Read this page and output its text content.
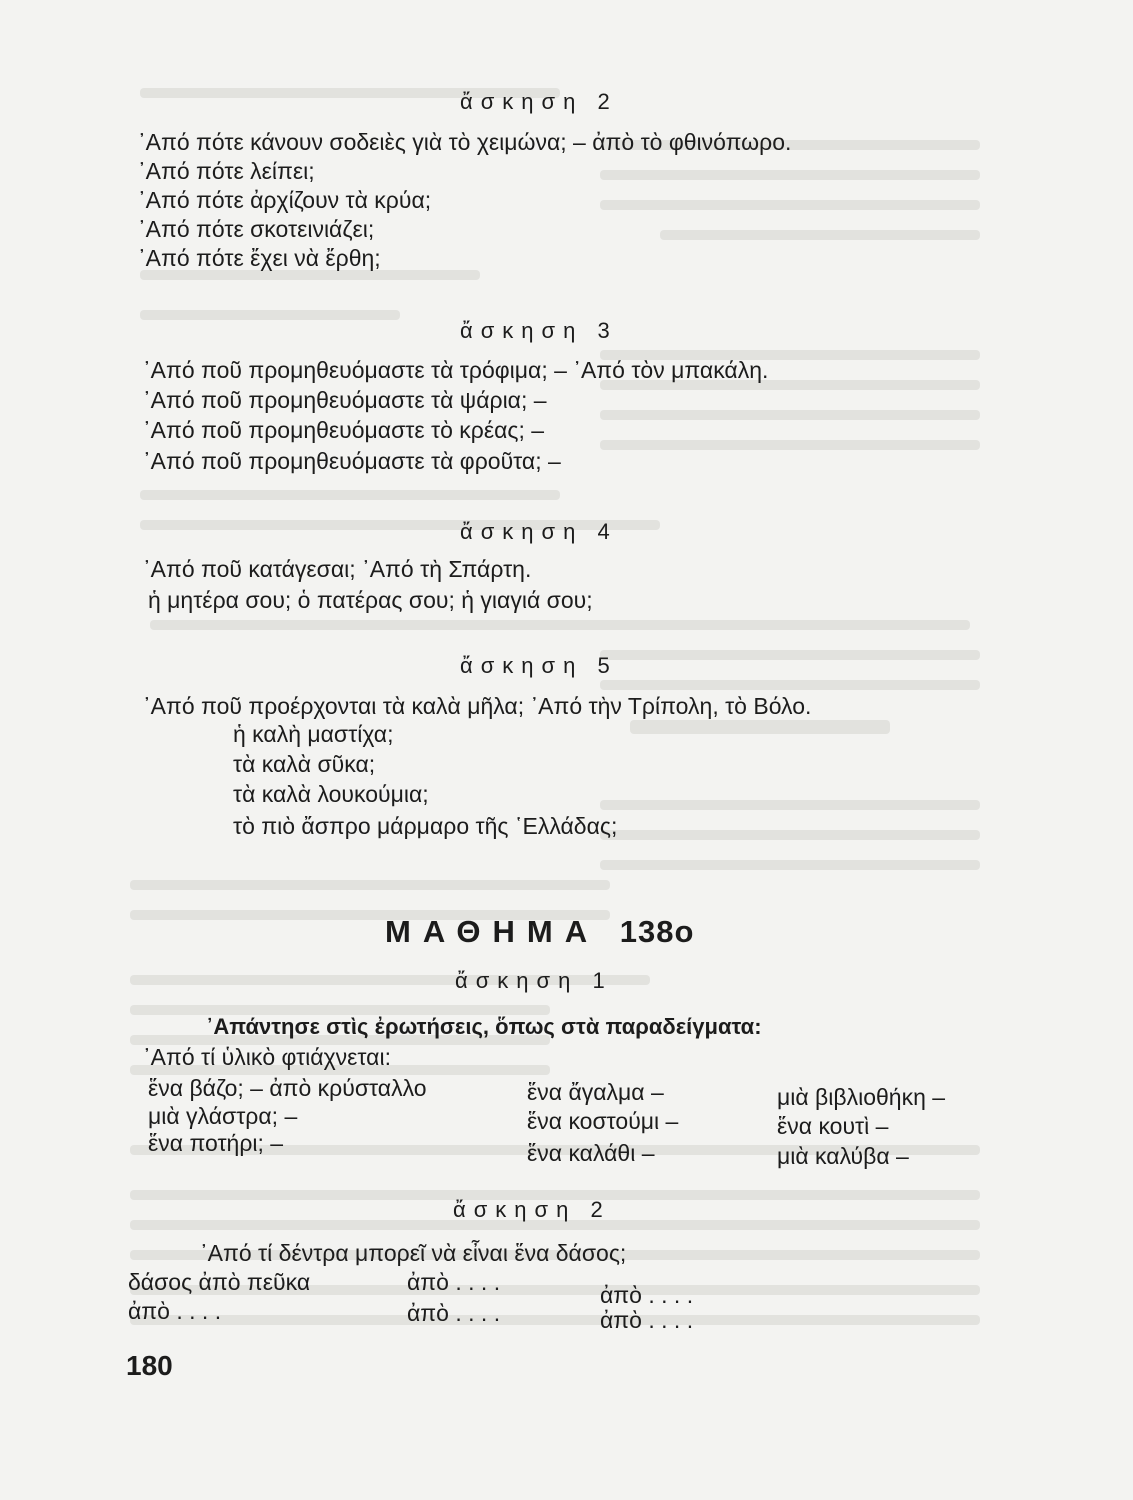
ἄσκηση 2
᾿Από πότε κάνουν σοδειὲς γιὰ τὸ χειμώνα; – ἀπὸ τὸ φθινόπωρο.
᾿Από πότε λείπει;
᾿Από πότε ἀρχίζουν τὰ κρύα;
᾿Από πότε σκοτεινιάζει;
᾿Από πότε ἔχει νὰ ἔρθη;
ἄσκηση 3
᾿Από ποῦ προμηθευόμαστε τὰ τρόφιμα; – ᾿Από τὸν μπακάλη.
᾿Από ποῦ προμηθευόμαστε τὰ ψάρια; –
᾿Από ποῦ προμηθευόμαστε τὸ κρέας; –
᾿Από ποῦ προμηθευόμαστε τὰ φροῦτα; –
ἄσκηση 4
᾿Από ποῦ κατάγεσαι; ᾿Από τὴ Σπάρτη.
ἡ μητέρα σου; ὁ πατέρας σου; ἡ γιαγιά σου;
ἄσκηση 5
᾿Από ποῦ προέρχονται τὰ καλὰ μῆλα; ᾿Από τὴν Τρίπολη, τὸ Βόλο.
ἡ καλὴ μαστίχα;
τὰ καλὰ σῦκα;
τὰ καλὰ λουκούμια;
τὸ πιὸ ἄσπρο μάρμαρο τῆς ῾Ελλάδας;
ΜΑΘΗΜΑ 138ο
ἄσκηση 1
᾿Απάντησε στὶς ἐρωτήσεις, ὅπως στὰ παραδείγματα:
᾿Από τί ὑλικὸ φτιάχνεται:
ἕνα βάζο; – ἀπὸ κρύσταλλο	ἕνα ἄγαλμα –	μιὰ βιβλιοθήκη –
μιὰ γλάστρα; –	ἕνα κοστούμι –	ἕνα κουτὶ –
ἕνα ποτήρι; –	ἕνα καλάθι –	μιὰ καλύβα –
ἄσκηση 2
᾿Από τί δέντρα μπορεῖ νὰ εἶναι ἕνα δάσος;
δάσος ἀπὸ πεῦκα	ἀπὸ . . . .	ἀπὸ . . . .
ἀπὸ . . . .	ἀπὸ . . . .	ἀπὸ . . . .
180
